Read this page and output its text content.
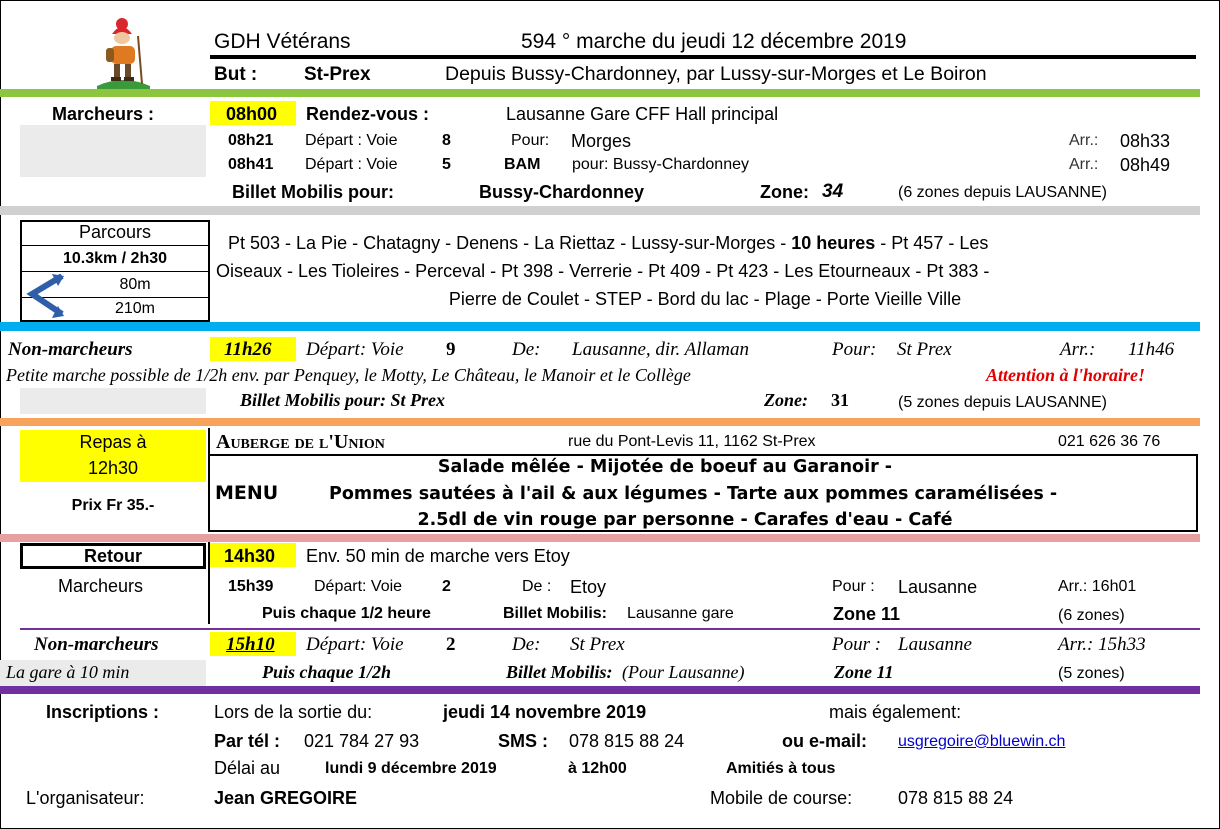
GDH Vétérans	594 ° marche du jeudi 12 décembre 2019
But : St-Prex	Depuis Bussy-Chardonney, par Lussy-sur-Morges et Le Boiron
Marcheurs :	08h00 Rendez-vous :	Lausanne Gare CFF Hall principal
08h21 Départ : Voie	8	Pour: Morges	Arr.: 08h33
08h41 Départ : Voie	5	BAM pour: Bussy-Chardonney	Arr.: 08h49
Billet Mobilis pour:	Bussy-Chardonney	Zone: 34	(6 zones depuis LAUSANNE)
Parcours
10.3km / 2h30
80m
210m
Pt 503 - La Pie - Chatagny - Denens - La Riettaz - Lussy-sur-Morges - 10 heures - Pt 457 - Les
Oiseaux - Les Tioleires - Perceval - Pt 398 - Verrerie - Pt 409 - Pt 423 - Les Etourneaux - Pt 383 -
Pierre de Coulet - STEP - Bord du lac - Plage - Porte Vieille Ville
Non-marcheurs	11h26 Départ: Voie 9	De: Lausanne, dir. Allaman	Pour: St Prex	Arr.: 11h46
Petite marche possible de 1/2h env. par Penquey, le Motty, Le Château, le Manoir et le Collège	Attention à l'horaire!
Billet Mobilis pour: St Prex	Zone: 31	(5 zones depuis LAUSANNE)
Repas à
12h30
Prix Fr 35.-
Auberge de l'Union	rue du Pont-Levis 11, 1162 St-Prex	021 626 36 76
Salade mêlée - Mijotée de boeuf au Garanoir -
MENU	Pommes sautées à l'ail & aux légumes - Tarte aux pommes caramélisées -
2.5dl de vin rouge par personne - Carafes d'eau - Café
Retour	14h30 Env. 50 min de marche vers Etoy
Marcheurs	15h39	Départ: Voie 2	De : Etoy	Pour : Lausanne	Arr.: 16h01
Puis chaque 1/2 heure	Billet Mobilis: Lausanne gare	Zone 11	(6 zones)
Non-marcheurs	15h10 Départ: Voie 2	De: St Prex	Pour : Lausanne	Arr.: 15h33
La gare à 10 min	Puis chaque 1/2h	Billet Mobilis: (Pour Lausanne)	Zone 11	(5 zones)
Inscriptions :	Lors de la sortie du:	jeudi 14 novembre 2019	mais également:
Par tél : 021 784 27 93	SMS : 078 815 88 24	ou e-mail: usgregoire@bluewin.ch
Délai au	lundi 9 décembre 2019	à 12h00	Amitiés à tous
L'organisateur:	Jean GREGOIRE	Mobile de course:	078 815 88 24
